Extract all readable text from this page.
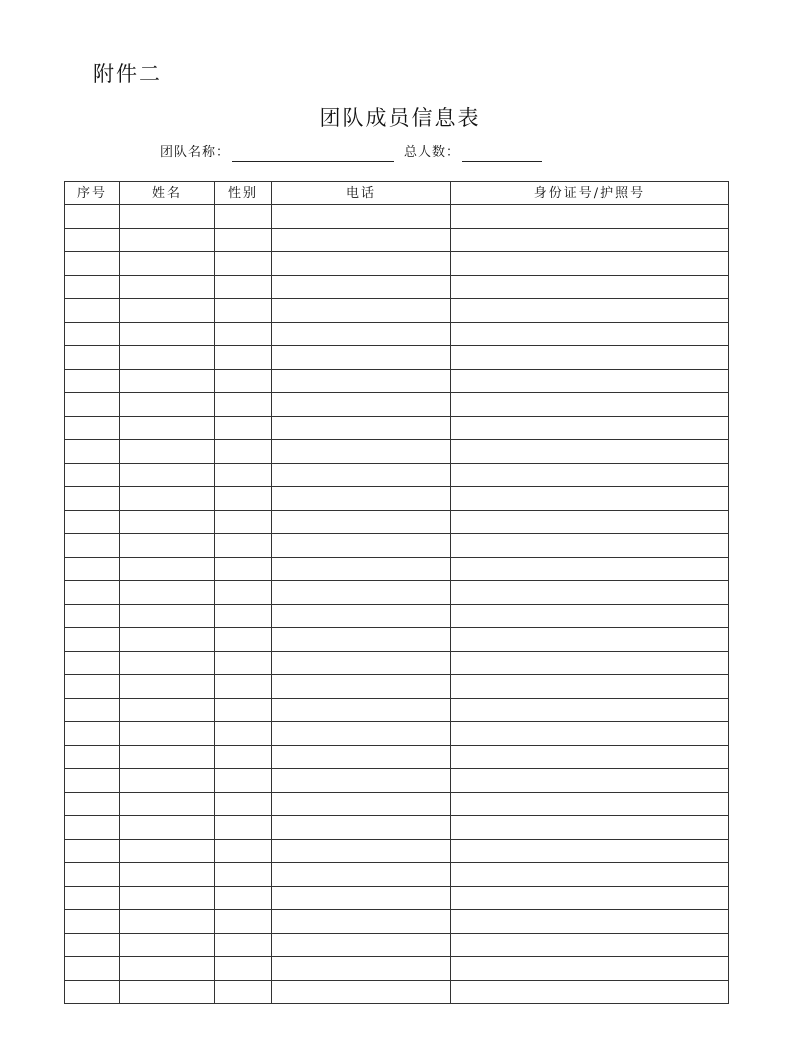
附件二
团队成员信息表
团队名称：	总人数：
序号	姓名	性别	电话	身份证号/护照号
